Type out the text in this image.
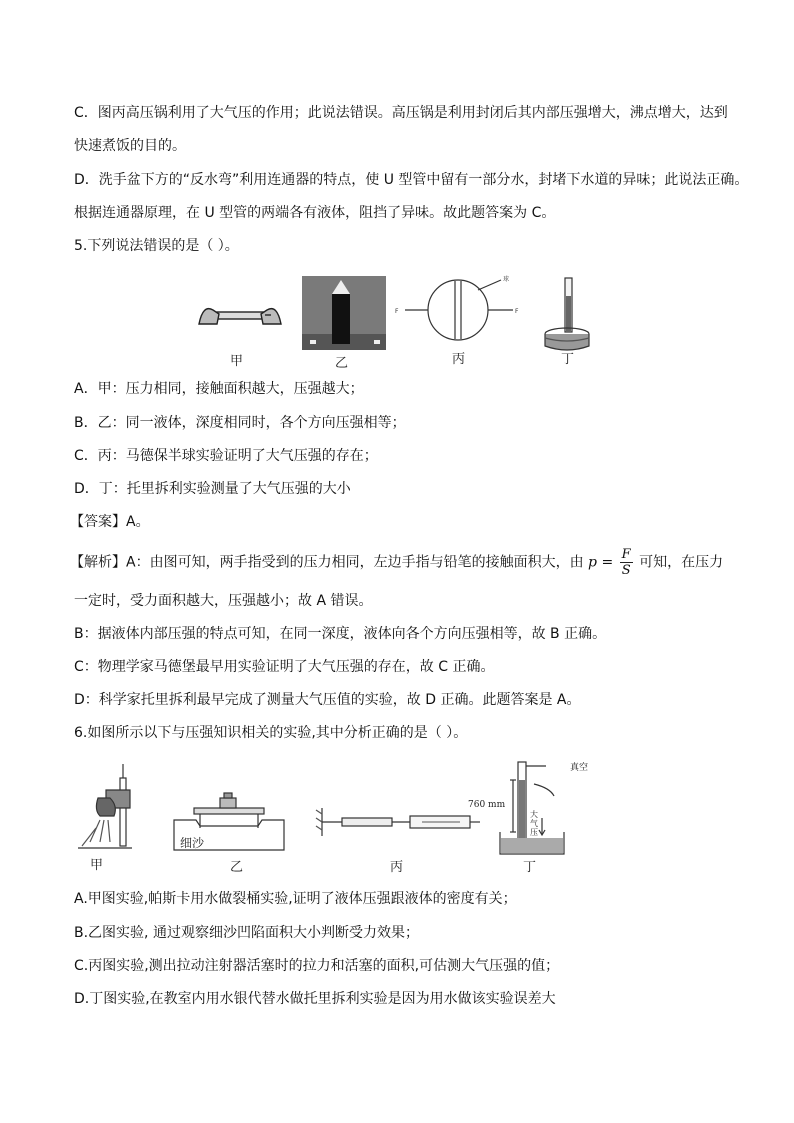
C．图丙高压锅利用了大气压的作用；此说法错误。高压锅是利用封闭后其内部压强增大，沸点增大，达到
快速煮饭的目的。
D．洗手盆下方的“反水弯”利用连通器的特点，使 U 型管中留有一部分水，封堵下水道的异味；此说法正确。
根据连通器原理，在 U 型管的两端各有液体，阻挡了异味。故此题答案为 C。
5.下列说法错误的是（ ）。
F	F
球
甲	乙	丙	丁
A．甲：压力相同，接触面积越大，压强越大；
B．乙：同一液体，深度相同时，各个方向压强相等；
C．丙：马德保半球实验证明了大气压强的存在；
D．丁：托里拆利实验测量了大气压强的大小
【答案】A。
【解析】A：由图可知，两手指受到的压力相同，左边手指与铅笔的接触面积大，由 $p = \frac{F}{S}$ 可知，在压力
一定时，受力面积越大，压强越小；故 A 错误。
B：据液体内部压强的特点可知，在同一深度，液体向各个方向压强相等，故 B 正确。
C：物理学家马德堡最早用实验证明了大气压强的存在，故 C 正确。
D：科学家托里拆利最早完成了测量大气压值的实验，故 D 正确。此题答案是 A。
6.如图所示以下与压强知识相关的实验,其中分析正确的是（ ）。
细沙
760 mm
真空
大气压
甲	乙	丙	丁
A.甲图实验,帕斯卡用水做裂桶实验,证明了液体压强跟液体的密度有关；
B.乙图实验, 通过观察细沙凹陷面积大小判断受力效果；
C.丙图实验,测出拉动注射器活塞时的拉力和活塞的面积,可估测大气压强的值；
D.丁图实验,在教室内用水银代替水做托里拆利实验是因为用水做该实验误差大
